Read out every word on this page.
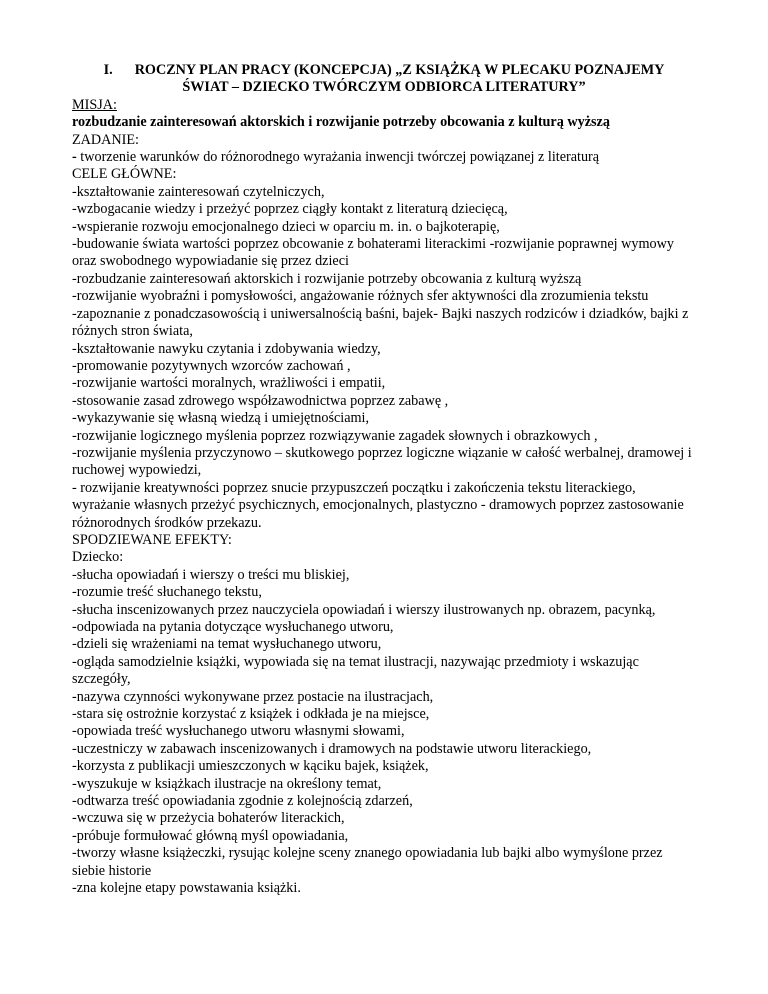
I. ROCZNY PLAN PRACY (KONCEPCJA) „Z KSIĄŻKĄ W PLECAKU POZNAJEMY
ŚWIAT – DZIECKO TWÓRCZYM ODBIORCA LITERATURY”

MISJA:

rozbudzanie zainteresowań aktorskich i rozwijanie potrzeby obcowania z kulturą wyższą

ZADANIE:

- tworzenie warunków do różnorodnego wyrażania inwencji twórczej powiązanej z literaturą

CELE GŁÓWNE:

-kształtowanie zainteresowań czytelniczych,
-wzbogacanie wiedzy i przeżyć poprzez ciągły kontakt z literaturą dziecięcą,
-wspieranie rozwoju emocjonalnego dzieci w oparciu m. in. o bajkoterapię,
-budowanie świata wartości poprzez obcowanie z bohaterami literackimi -rozwijanie poprawnej wymowy oraz swobodnego wypowiadanie się przez dzieci
-rozbudzanie zainteresowań aktorskich i rozwijanie potrzeby obcowania z kulturą wyższą
-rozwijanie wyobraźni i pomysłowości, angażowanie różnych sfer aktywności dla zrozumienia tekstu
-zapoznanie z ponadczasowością i uniwersalnością baśni, bajek- Bajki naszych rodziców i dziadków, bajki z różnych stron świata,
-kształtowanie nawyku czytania i zdobywania wiedzy,
-promowanie pozytywnych wzorców zachowań ,
-rozwijanie wartości moralnych, wrażliwości i empatii,
-stosowanie zasad zdrowego współzawodnictwa poprzez zabawę ,
-wykazywanie się własną wiedzą i umiejętnościami,
-rozwijanie logicznego myślenia poprzez rozwiązywanie zagadek słownych i obrazkowych ,
-rozwijanie myślenia przyczynowo – skutkowego poprzez logiczne wiązanie w całość werbalnej, dramowej i ruchowej wypowiedzi,
- rozwijanie kreatywności poprzez snucie przypuszczeń początku i zakończenia tekstu literackiego, wyrażanie własnych przeżyć psychicznych, emocjonalnych, plastyczno - dramowych poprzez zastosowanie różnorodnych środków przekazu.

SPODZIEWANE EFEKTY:

Dziecko:

-słucha opowiadań i wierszy o treści mu bliskiej,
-rozumie treść słuchanego tekstu,
-słucha inscenizowanych przez nauczyciela opowiadań i wierszy ilustrowanych np. obrazem, pacynką,
-odpowiada na pytania dotyczące wysłuchanego utworu,
-dzieli się wrażeniami na temat wysłuchanego utworu,
-ogląda samodzielnie książki, wypowiada się na temat ilustracji, nazywając przedmioty i wskazując szczegóły,
-nazywa czynności wykonywane przez postacie na ilustracjach,
-stara się ostrożnie korzystać z książek i odkłada je na miejsce,
-opowiada treść wysłuchanego utworu własnymi słowami,
-uczestniczy w zabawach inscenizowanych i dramowych na podstawie utworu literackiego,
-korzysta z publikacji umieszczonych w kąciku bajek, książek,
-wyszukuje w książkach ilustracje na określony temat,
-odtwarza treść opowiadania zgodnie z kolejnością zdarzeń,
-wczuwa się w przeżycia bohaterów literackich,
-próbuje formułować główną myśl opowiadania,
-tworzy własne książeczki, rysując kolejne sceny znanego opowiadania lub bajki albo wymyślone przez siebie historie
-zna kolejne etapy powstawania książki.
